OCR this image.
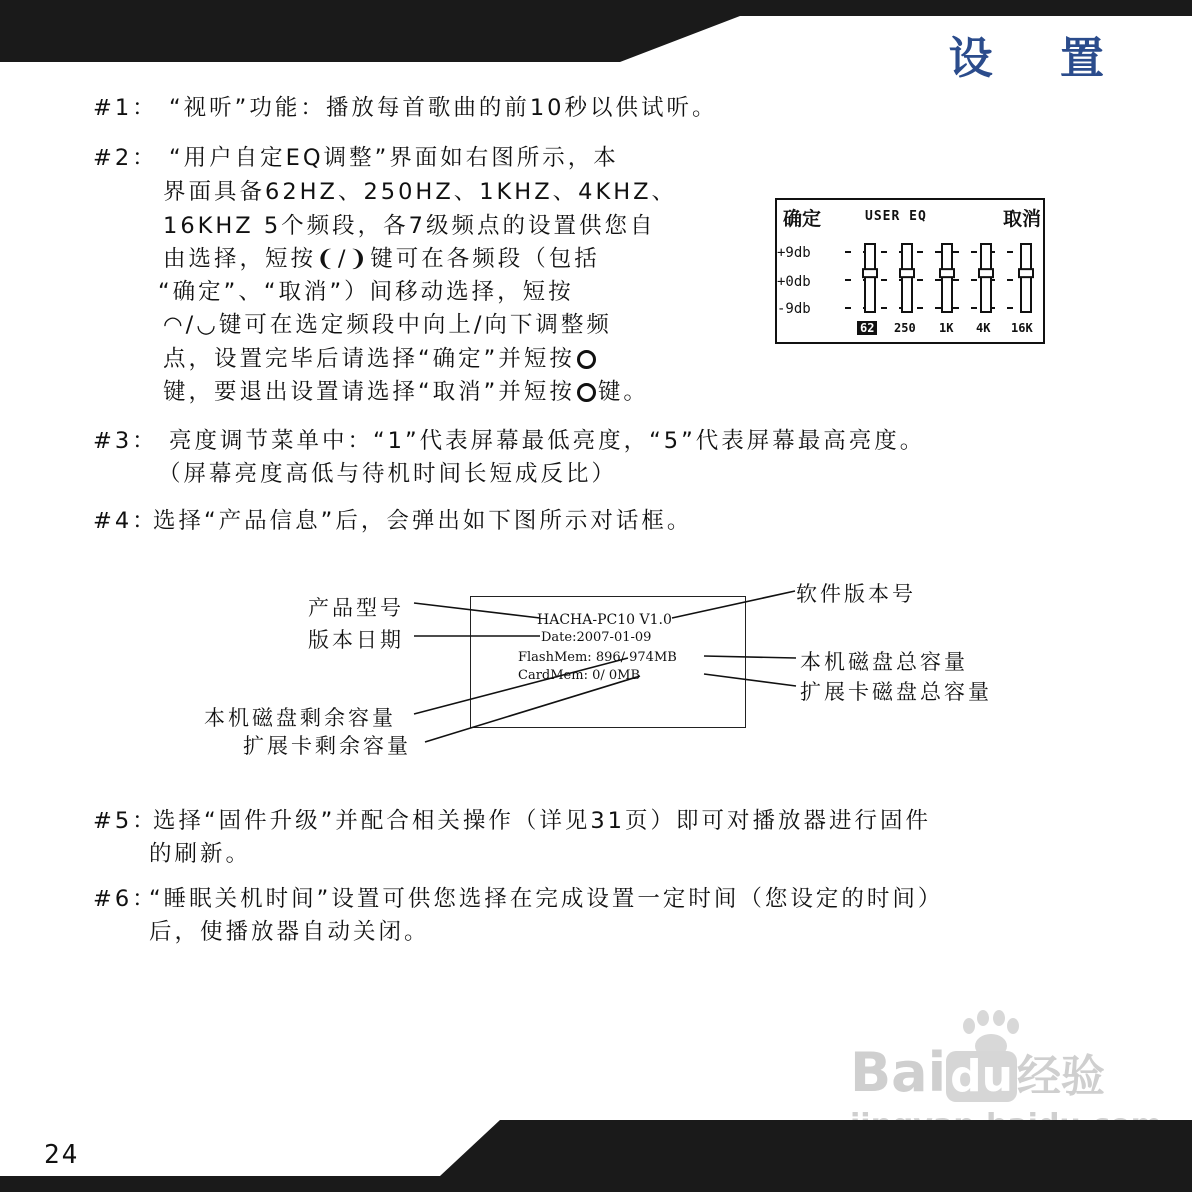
设 置
#1： “视听”功能：播放每首歌曲的前10秒以供试听。
#2： “用户自定EQ调整”界面如右图所示，本
界面具备62HZ、250HZ、1KHZ、4KHZ、
16KHZ 5个频段，各7级频点的设置供您自
由选择，短按❨/❩键可在各频段（包括
“确定”、“取消”）间移动选择，短按
◠/◡键可在选定频段中向上/向下调整频
点，设置完毕后请选择“确定”并短按
键，要退出设置请选择“取消”并短按 键。
确定	USER EQ	取消
+9db
+0db
-9db
62 250 1K 4K 16K
#3： 亮度调节菜单中：“1”代表屏幕最低亮度，“5”代表屏幕最高亮度。
（屏幕亮度高低与待机时间长短成反比）
#4：选择“产品信息”后，会弹出如下图所示对话框。
HACHA-PC10 V1.0
Date:2007-01-09
FlashMem: 896/ 974MB
CardMem: 0/ 0MB
产品型号
版本日期
软件版本号
本机磁盘总容量
扩展卡磁盘总容量
本机磁盘剩余容量
扩展卡剩余容量
#5：选择“固件升级”并配合相关操作（详见31页）即可对播放器进行固件
的刷新。
#6：“睡眠关机时间”设置可供您选择在完成设置一定时间（您设定的时间）
后，使播放器自动关闭。
Baidu经验
24
